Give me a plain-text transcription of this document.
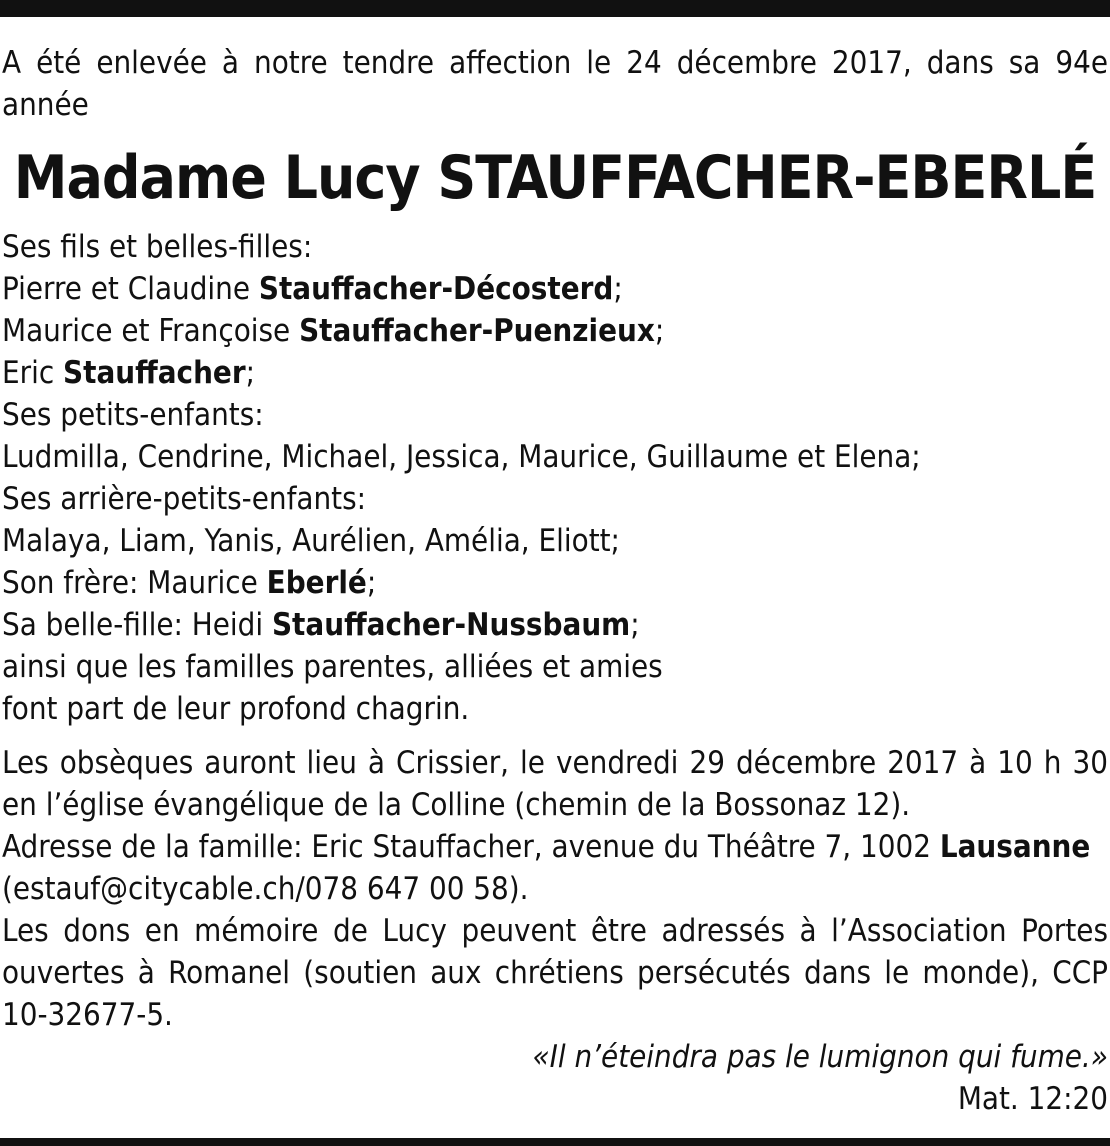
A été enlevée à notre tendre affection le 24 décembre 2017, dans sa 94e année
Madame Lucy STAUFFACHER-EBERLÉ
Ses fils et belles-filles:
Pierre et Claudine Stauffacher-Décosterd;
Maurice et Françoise Stauffacher-Puenzieux;
Eric Stauffacher;
Ses petits-enfants:
Ludmilla, Cendrine, Michael, Jessica, Maurice, Guillaume et Elena;
Ses arrière-petits-enfants:
Malaya, Liam, Yanis, Aurélien, Amélia, Eliott;
Son frère: Maurice Eberlé;
Sa belle-fille: Heidi Stauffacher-Nussbaum;
ainsi que les familles parentes, alliées et amies
font part de leur profond chagrin.
Les obsèques auront lieu à Crissier, le vendredi 29 décembre 2017 à 10 h 30
en l’église évangélique de la Colline (chemin de la Bossonaz 12).
Adresse de la famille: Eric Stauffacher, avenue du Théâtre 7, 1002 Lausanne
(estauf@citycable.ch/078 647 00 58).
Les dons en mémoire de Lucy peuvent être adressés à l’Association Portes ouvertes à Romanel (soutien aux chrétiens persécutés dans le monde), CCP 10-32677-5.
«Il n’éteindra pas le lumignon qui fume.»
Mat. 12:20
